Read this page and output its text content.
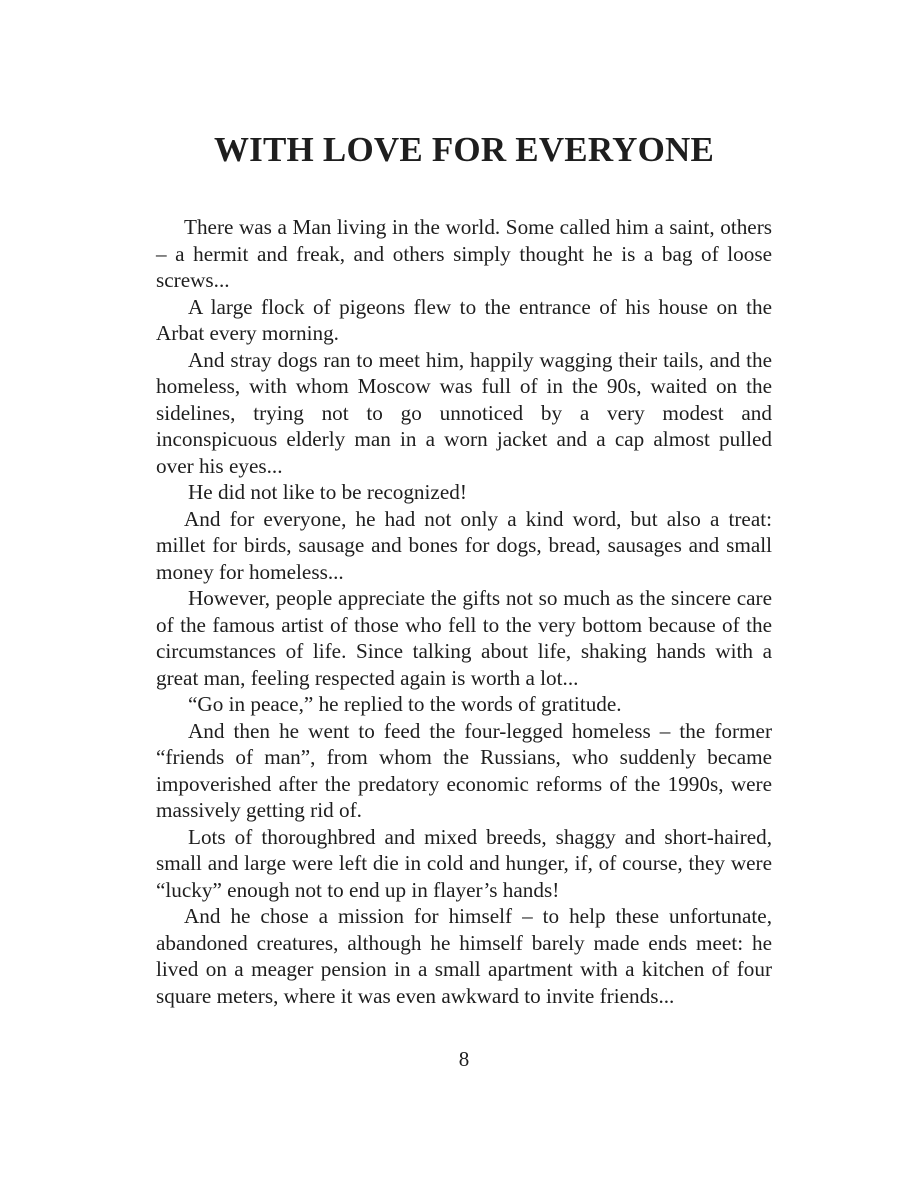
WITH LOVE FOR EVERYONE

There was a Man living in the world. Some called him a saint, others – a hermit and freak, and others simply thought he is a bag of loose screws...

A large flock of pigeons flew to the entrance of his house on the Arbat every morning.

And stray dogs ran to meet him, happily wagging their tails, and the homeless, with whom Moscow was full of in the 90s, waited on the sidelines, trying not to go unnoticed by a very modest and inconspicuous elderly man in a worn jacket and a cap almost pulled over his eyes...

He did not like to be recognized!

And for everyone, he had not only a kind word, but also a treat: millet for birds, sausage and bones for dogs, bread, sausages and small money for homeless...

However, people appreciate the gifts not so much as the sincere care of the famous artist of those who fell to the very bottom because of the circumstances of life. Since talking about life, shaking hands with a great man, feeling respected again is worth a lot...

“Go in peace,” he replied to the words of gratitude.

And then he went to feed the four-legged homeless – the former “friends of man”, from whom the Russians, who suddenly became impoverished after the predatory economic reforms of the 1990s, were massively getting rid of.

Lots of thoroughbred and mixed breeds, shaggy and short-haired, small and large were left die in cold and hunger, if, of course, they were “lucky” enough not to end up in flayer’s hands!

And he chose a mission for himself – to help these unfortunate, abandoned creatures, although he himself barely made ends meet: he lived on a meager pension in a small apartment with a kitchen of four square meters, where it was even awkward to invite friends...

8
